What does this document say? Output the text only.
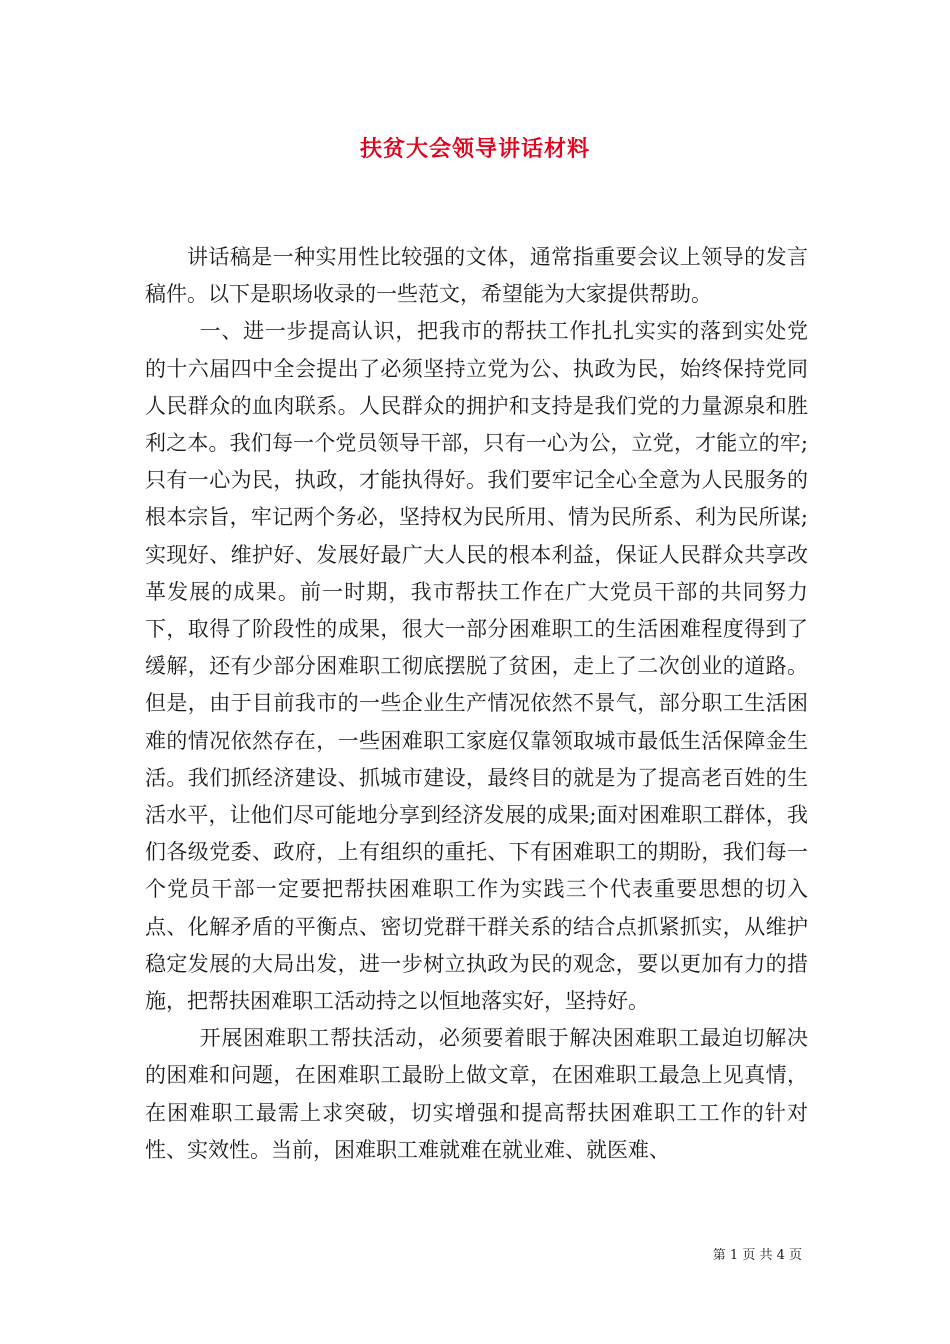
扶贫大会领导讲话材料

讲话稿是一种实用性比较强的文体，通常指重要会议上领导的发言稿件。以下是职场收录的一些范文，希望能为大家提供帮助。

一、进一步提高认识，把我市的帮扶工作扎扎实实的落到实处党的十六届四中全会提出了必须坚持立党为公、执政为民，始终保持党同人民群众的血肉联系。人民群众的拥护和支持是我们党的力量源泉和胜利之本。我们每一个党员领导干部，只有一心为公，立党，才能立的牢;只有一心为民，执政，才能执得好。我们要牢记全心全意为人民服务的根本宗旨，牢记两个务必，坚持权为民所用、情为民所系、利为民所谋;实现好、维护好、发展好最广大人民的根本利益，保证人民群众共享改革发展的成果。前一时期，我市帮扶工作在广大党员干部的共同努力下，取得了阶段性的成果，很大一部分困难职工的生活困难程度得到了缓解，还有少部分困难职工彻底摆脱了贫困，走上了二次创业的道路。但是，由于目前我市的一些企业生产情况依然不景气，部分职工生活困难的情况依然存在，一些困难职工家庭仅靠领取城市最低生活保障金生活。我们抓经济建设、抓城市建设，最终目的就是为了提高老百姓的生活水平，让他们尽可能地分享到经济发展的成果;面对困难职工群体，我们各级党委、政府，上有组织的重托、下有困难职工的期盼，我们每一个党员干部一定要把帮扶困难职工作为实践三个代表重要思想的切入点、化解矛盾的平衡点、密切党群干群关系的结合点抓紧抓实，从维护稳定发展的大局出发，进一步树立执政为民的观念，要以更加有力的措施，把帮扶困难职工活动持之以恒地落实好，坚持好。

开展困难职工帮扶活动，必须要着眼于解决困难职工最迫切解决的困难和问题，在困难职工最盼上做文章，在困难职工最急上见真情，在困难职工最需上求突破，切实增强和提高帮扶困难职工工作的针对性、实效性。当前，困难职工难就难在就业难、就医难、

第 1 页 共 4 页
